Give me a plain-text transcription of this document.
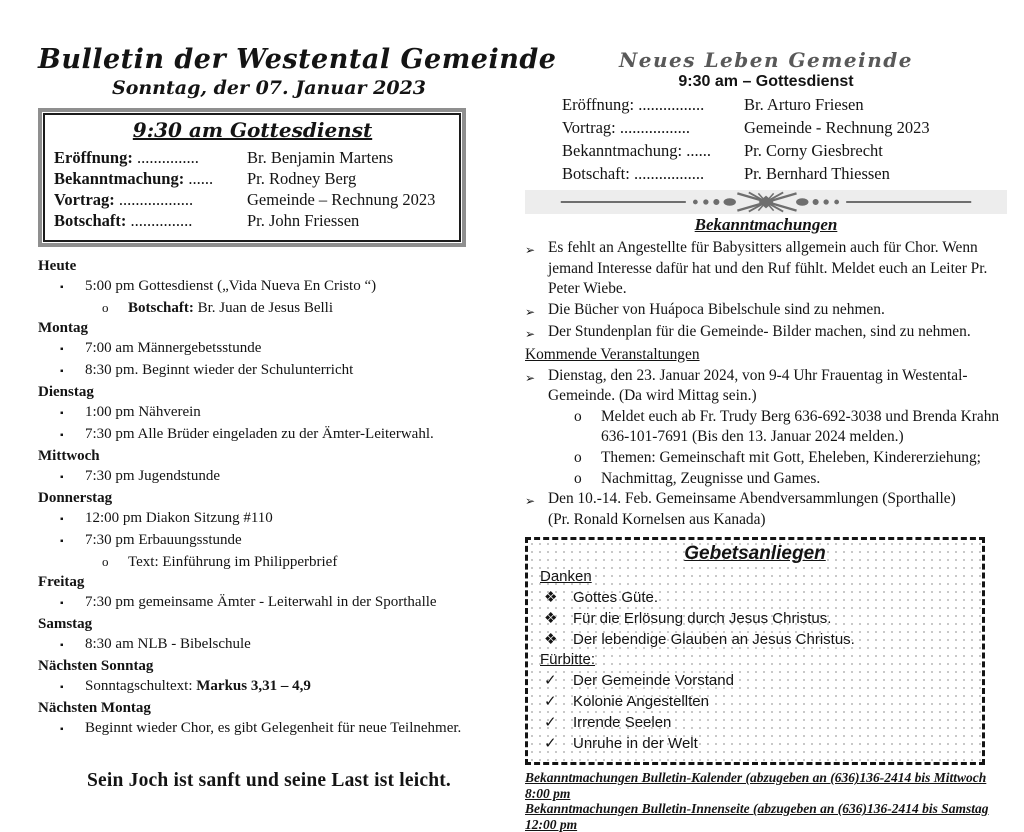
Bulletin der Westental Gemeinde
Sonntag, der 07. Januar 2023
9:30 am Gottesdienst
Eröffnung: ...............	Br. Benjamin Martens
Bekanntmachung: ......	Pr. Rodney Berg
Vortrag: ..................	Gemeinde – Rechnung 2023
Botschaft: ...............	Pr. John Friessen
Heute
▪	5:00 pm Gottesdienst („Vida Nueva En Cristo “)
o	Botschaft: Br. Juan de Jesus Belli
Montag
▪	7:00 am Männergebetsstunde
▪	8:30 pm. Beginnt wieder der Schulunterricht
Dienstag
▪	1:00 pm Nähverein
▪	7:30 pm Alle Brüder eingeladen zu der Ämter-Leiterwahl.
Mittwoch
▪	7:30 pm Jugendstunde
Donnerstag
▪	12:00 pm Diakon Sitzung #110
▪	7:30 pm Erbauungsstunde
o	Text: Einführung im Philipperbrief
Freitag
▪	7:30 pm gemeinsame Ämter - Leiterwahl in der Sporthalle
Samstag
▪	8:30 am NLB - Bibelschule
Nächsten Sonntag
▪	Sonntagschultext: Markus 3,31 – 4,9
Nächsten Montag
▪	Beginnt wieder Chor, es gibt Gelegenheit für neue Teilnehmer.
Sein Joch ist sanft und seine Last ist leicht.
Neues Leben Gemeinde
9:30 am – Gottesdienst
Eröffnung: ................	Br. Arturo Friesen
Vortrag: .................	Gemeinde - Rechnung 2023
Bekanntmachung: ......	Pr. Corny Giesbrecht
Botschaft: .................	Pr. Bernhard Thiessen
Bekanntmachungen
➢ Es fehlt an Angestellte für Babysitters allgemein auch für Chor. Wenn jemand Interesse dafür hat und den Ruf fühlt. Meldet euch an Leiter Pr. Peter Wiebe.
➢ Die Bücher von Huápoca Bibelschule sind zu nehmen.
➢ Der Stundenplan für die Gemeinde- Bilder machen, sind zu nehmen.
Kommende Veranstaltungen
➢ Dienstag, den 23. Januar 2024, von 9-4 Uhr Frauentag in Westental-Gemeinde. (Da wird Mittag sein.)
o	Meldet euch ab Fr. Trudy Berg 636-692-3038 und Brenda Krahn 636-101-7691 (Bis den 13. Januar 2024 melden.)
o	Themen: Gemeinschaft mit Gott, Eheleben, Kindererziehung;
o	Nachmittag, Zeugnisse und Games.
➢ Den 10.-14. Feb. Gemeinsame Abendversammlungen (Sporthalle)
(Pr. Ronald Kornelsen aus Kanada)
Gebetsanliegen
Danken
❖	Gottes Güte.
❖	Für die Erlösung durch Jesus Christus.
❖	Der lebendige Glauben an Jesus Christus.
Fürbitte:
✓	Der Gemeinde Vorstand
✓	Kolonie Angestellten
✓	Irrende Seelen
✓	Unruhe in der Welt
Bekanntmachungen Bulletin-Kalender (abzugeben an (636)136-2414 bis Mittwoch 8:00 pm
Bekanntmachungen Bulletin-Innenseite (abzugeben an (636)136-2414 bis Samstag 12:00 pm
